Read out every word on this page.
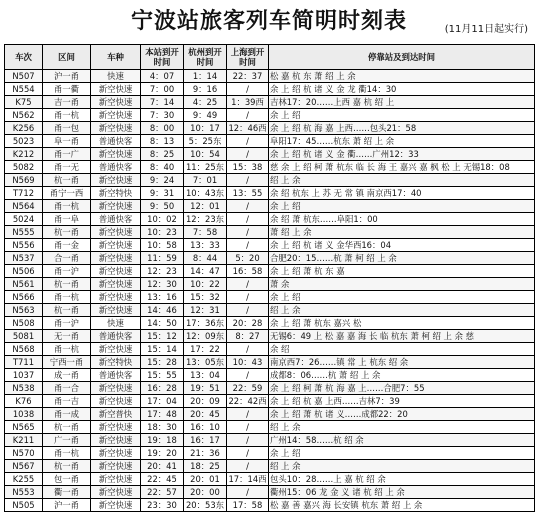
宁波站旅客列车简明时刻表	(11月11日起实行)
车次	区间	车种	本站到开时间	杭州到开时间	上海到开时间	停靠站及到达时间
N507	沪一甬	快速	4：07	1：14	22：37	松 嘉 杭 东 萧 绍 上 余
N554	甬一衢	新空快速	7：00	9：16	/	余 上 绍 杭 诸 义 金 龙 衢14：30
K75	吉一甬	新空快速	7：14	4：25	1：39西	吉林17：20……上西 嘉 杭 绍 上
N562	甬一杭	新空快速	7：30	9：49	/	余 上 绍
K256	甬一包	新空快速	8：00	10：17	12：46西	余 上 绍 杭 海 嘉 上西……包头21：58
5023	阜一甬	普通快客	8：13	5：25东	/	阜阳17：45……杭东 萧 绍 上 余
K212	甬一广	新空快速	8：25	10：54	/	余 上 绍 杭 诸 义 金 衢……广州12：33
5082	甬一无	普通快客	8：40	11：25东	15：38	慈 余 上 绍 柯 萧 杭东 临 长 海 王 嘉兴 嘉 枫 松 上 无锡18：08
N569	杭一甬	新空快速	9：24	7：01	/	绍 上 余
T712	甬宁一西	新空特快	9：31	10：43东	13：55	余 绍 杭东 上 苏 无 常 镇 南京西17：40
N564	甬一杭	新空快速	9：50	12：01	/	余 上 绍
5024	甬一阜	普通快客	10：02	12：23东	/	余 绍 萧 杭东……阜阳1：00
N555	杭一甬	新空快速	10：23	7：58	/	萧 绍 上 余
N556	甬一金	新空快速	10：58	13：33	/	余 上 绍 杭 诸 义 金华西16：04
N537	合一甬	新空快速	11：59	8：44	5：20	合肥20：15……杭 萧 柯 绍 上 余
N506	甬一沪	新空快速	12：23	14：47	16：58	余 上 绍 萧 杭 东 嘉
N561	杭一甬	新空快速	12：30	10：22	/	萧 余
N566	甬一杭	新空快速	13：16	15：32	/	余 上 绍
N563	杭一甬	新空快速	14：46	12：31	/	绍 上 余
N508	甬一沪	快速	14：50	17：36东	20：28	余 上 绍 萧 杭东 嘉兴 松
5081	无一甬	普通快客	15：12	12：09东	8：27	无锡6：49 上 松 嘉 嘉 海 长 临 杭东 萧 柯 绍 上 余 慈
N568	甬一杭	新空快速	15：14	17：22	/	余 绍
T711	宁西一甬	新空特快	15：28	13：05东	10：43	南京西7：26……镇 常 上 杭东 绍 余
1037	成一甬	普通快客	15：55	13：04	/	成都8：06……杭 萧 绍 上 余
N538	甬一合	新空快速	16：28	19：51	22：59	余 上 绍 柯 萧 杭 海 嘉 上……合肥7：55
K76	甬一吉	新空快速	17：04	20：09	22：42西	余 上 绍 杭 嘉 上西……吉林7：39
1038	甬一成	新空普快	17：48	20：45	/	余 上 绍 萧 杭 诸 义……成都22：20
N565	杭一甬	新空快速	18：30	16：10	/	绍 上 余
K211	广一甬	新空快速	19：18	16：17	/	广州14：58……杭 绍 余
N570	甬一杭	新空快速	19：20	21：36	/	余 上 绍
N567	杭一甬	新空快速	20：41	18：25	/	绍 上 余
K255	包一甬	新空快速	22：45	20：01	17：14西	包头10：28……上 嘉 杭 绍 余
N553	衢一甬	新空快速	22：57	20：00	/	衢州15：06 龙 金 义 诸 杭 绍 上 余
N505	沪一甬	新空快速	23：30	20：53东	17：58	松 嘉 善 嘉兴 海 长安镇 杭东 萧 绍 上 余
